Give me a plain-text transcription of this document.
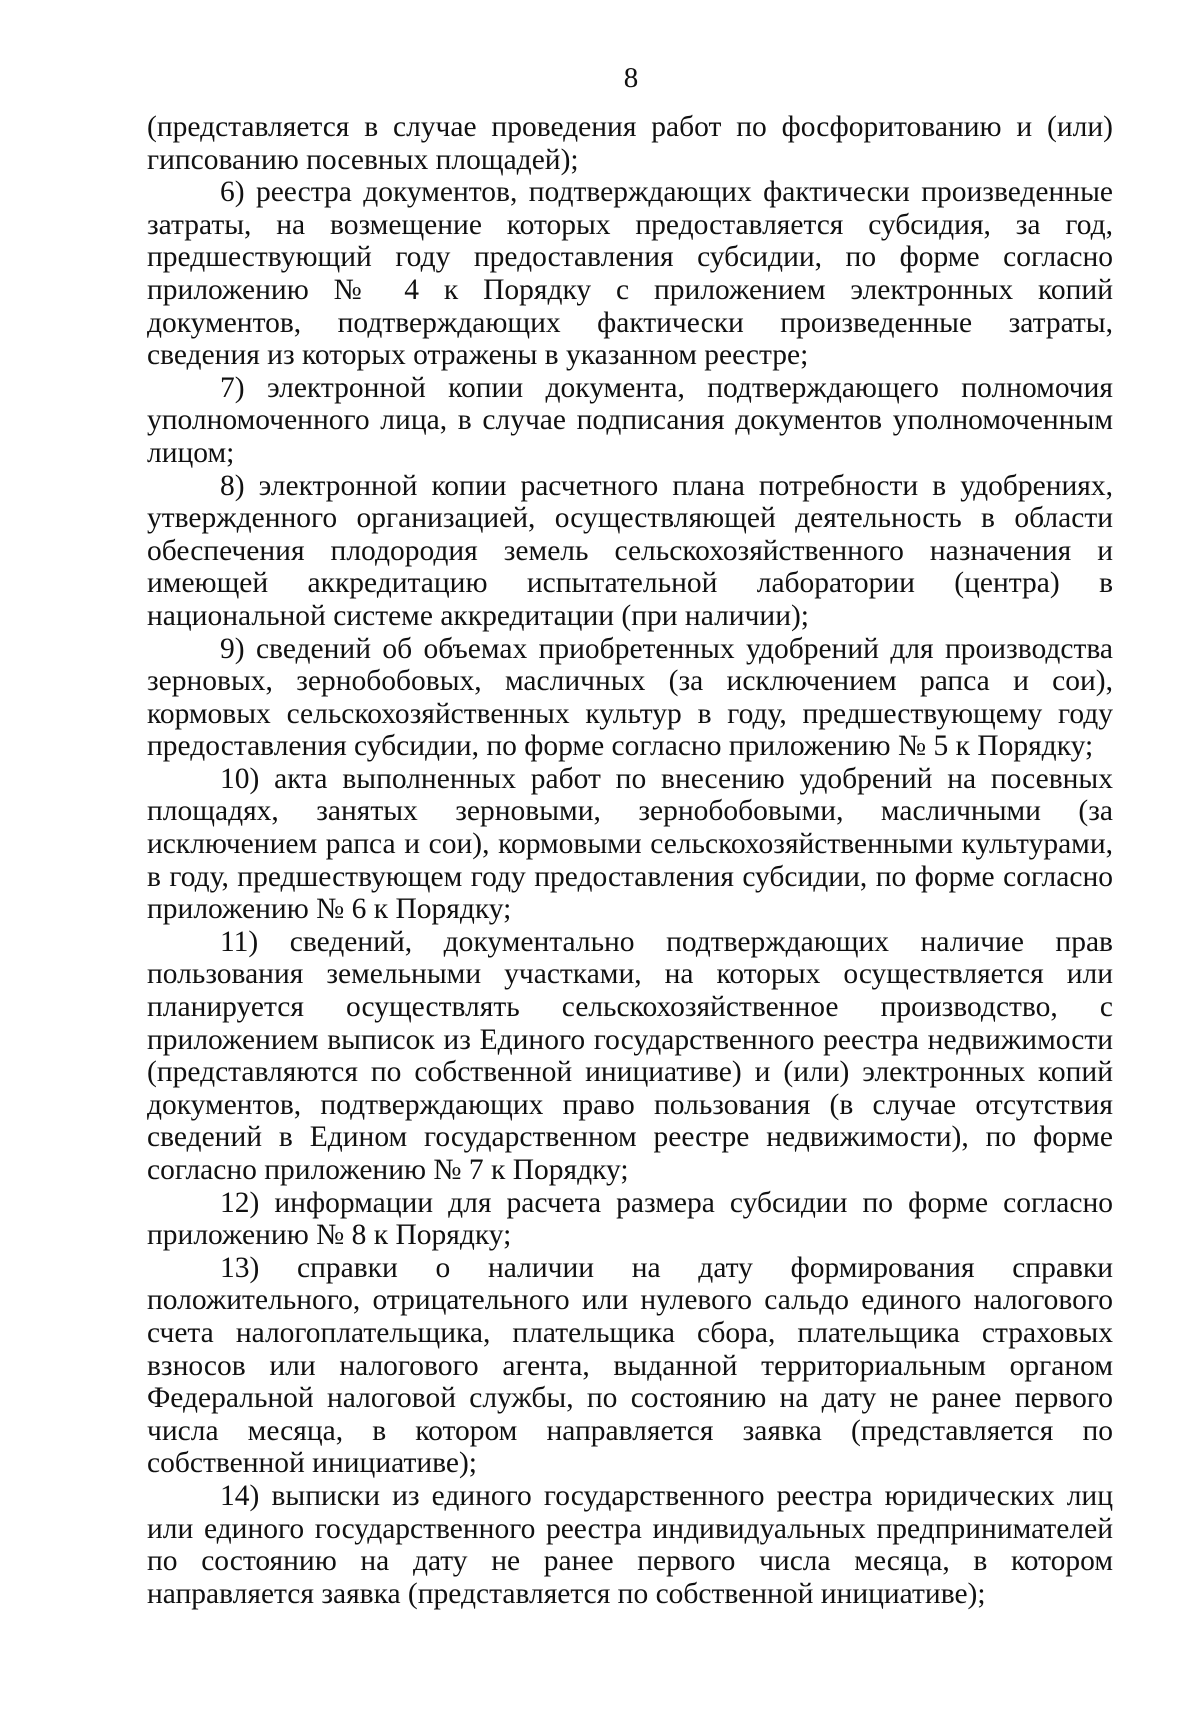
8

(представляется в случае проведения работ по фосфоритованию и (или) гипсованию посевных площадей);

6) реестра документов, подтверждающих фактически произведенные затраты, на возмещение которых предоставляется субсидия, за год, предшествующий году предоставления субсидии, по форме согласно приложению № 4 к Порядку с приложением электронных копий документов, подтверждающих фактически произведенные затраты, сведения из которых отражены в указанном реестре;

7) электронной копии документа, подтверждающего полномочия уполномоченного лица, в случае подписания документов уполномоченным лицом;

8) электронной копии расчетного плана потребности в удобрениях, утвержденного организацией, осуществляющей деятельность в области обеспечения плодородия земель сельскохозяйственного назначения и имеющей аккредитацию испытательной лаборатории (центра) в национальной системе аккредитации (при наличии);

9) сведений об объемах приобретенных удобрений для производства зерновых, зернобобовых, масличных (за исключением рапса и сои), кормовых сельскохозяйственных культур в году, предшествующему году предоставления субсидии, по форме согласно приложению № 5 к Порядку;

10) акта выполненных работ по внесению удобрений на посевных площадях, занятых зерновыми, зернобобовыми, масличными (за исключением рапса и сои), кормовыми сельскохозяйственными культурами, в году, предшествующем году предоставления субсидии, по форме согласно приложению № 6 к Порядку;

11) сведений, документально подтверждающих наличие прав пользования земельными участками, на которых осуществляется или планируется осуществлять сельскохозяйственное производство, с приложением выписок из Единого государственного реестра недвижимости (представляются по собственной инициативе) и (или) электронных копий документов, подтверждающих право пользования (в случае отсутствия сведений в Едином государственном реестре недвижимости), по форме согласно приложению № 7 к Порядку;

12) информации для расчета размера субсидии по форме согласно приложению № 8 к Порядку;

13) справки о наличии на дату формирования справки положительного, отрицательного или нулевого сальдо единого налогового счета налогоплательщика, плательщика сбора, плательщика страховых взносов или налогового агента, выданной территориальным органом Федеральной налоговой службы, по состоянию на дату не ранее первого числа месяца, в котором направляется заявка (представляется по собственной инициативе);

14) выписки из единого государственного реестра юридических лиц или единого государственного реестра индивидуальных предпринимателей по состоянию на дату не ранее первого числа месяца, в котором направляется заявка (представляется по собственной инициативе);
